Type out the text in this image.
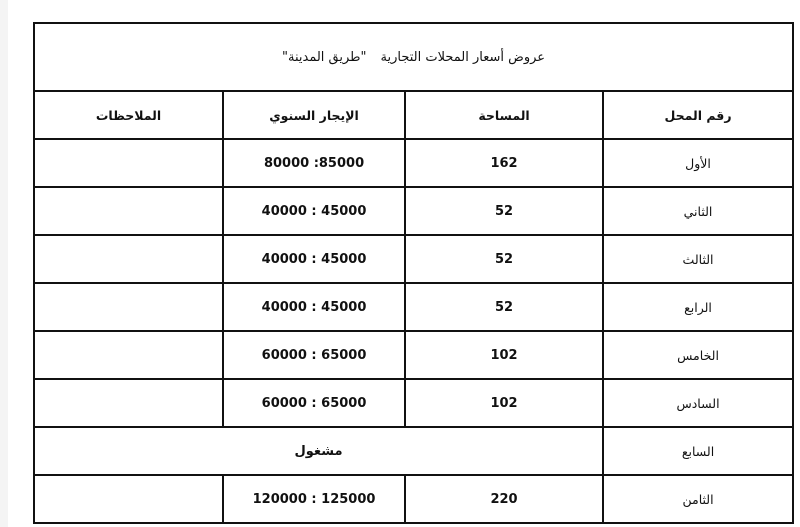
عروض أسعار المحلات التجارية"طريق المدينة"			
رقم المحل	المساحة	الإيجار السنوي	الملاحظات
الأول	162	80000 :85000	
الثاني	52	40000 : 45000	
الثالث	52	40000 : 45000	
الرابع	52	40000 : 45000	
الخامس	102	60000 : 65000	
السادس	102	60000 : 65000	
السابع	مشغول		
الثامن	220	120000 : 125000	
